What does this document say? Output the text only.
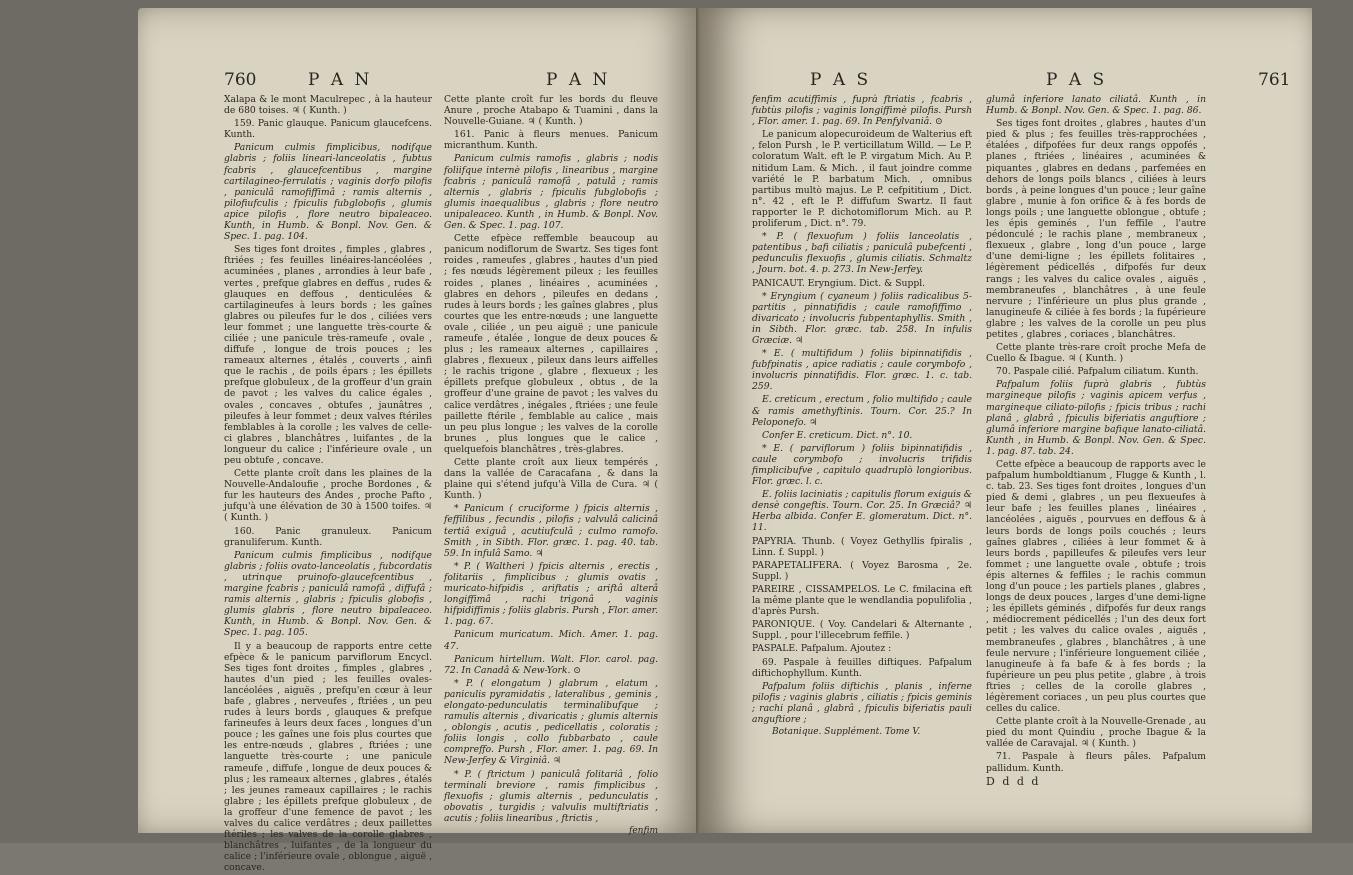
760	P A N	P A N

Xalapa & le mont Maculrepec , à la hauteur de 680 toises. ♃ ( Kunth. )

159. Panic glauque. Panicum glaucefcens. Kunth.

Panicum culmis fimplicibus, nodifque glabris ; foliis lineari-lanceolatis , fubtus fcabris , glaucefcentibus , margine cartilagineo-ferrulatis ; vaginis dorfo pilofis , paniculâ ramofiffimâ ; ramis alternis , pilofiufculis ; fpiculis fubglobofis , glumis apice pilofis , flore neutro bipaleaceo. Kunth, in Humb. & Bonpl. Nov. Gen. & Spec. 1. pag. 104.

Ses tiges font droites , fimples , glabres , ftriées ; fes feuilles linéaires-lancéolées , acuminées , planes , arrondies à leur bafe , vertes , prefque glabres en deffus , rudes & glauques en deffous , denticulées & cartilagineufes à leurs bords ; les gaînes glabres ou pileufes fur le dos , ciliées vers leur fommet ; une languette très-courte & ciliée ; une panicule très-rameufe , ovale , diffufe , longue de trois pouces ; les rameaux alternes , étalés , couverts , ainfi que le rachis , de poils épars ; les épillets prefque globuleux , de la groffeur d'un grain de pavot ; les valves du calice égales , ovales , concaves , obtufes , jaunâtres , pileufes à leur fommet ; deux valves ftériles femblables à la corolle ; les valves de celle-ci glabres , blanchâtres , luifantes , de la longueur du calice ; l'inférieure ovale , un peu obtufe , concave.

Cette plante croît dans les plaines de la Nouvelle-Andaloufie , proche Bordones , & fur les hauteurs des Andes , proche Pafto , jufqu'à une élévation de 30 à 1500 toifes. ♃ ( Kunth. )

160. Panic granuleux. Panicum granuliferum. Kunth.

Panicum culmis fimplicibus , nodifque glabris ; foliis ovato-lanceolatis , fubcordatis , utrinque pruinofo-glaucefcentibus , margine fcabris ; paniculâ ramofâ , diffufâ ; ramis alternis , glabris ; fpiculis globofis , glumis glabris , flore neutro bipaleaceo. Kunth, in Humb. & Bonpl. Nov. Gen. & Spec. 1. pag. 105.

Il y a beaucoup de rapports entre cette efpèce & le panicum parviflorum Encycl. Ses tiges font droites , fimples , glabres , hautes d'un pied ; les feuilles ovales-lancéolées , aiguës , prefqu'en cœur à leur bafe , glabres , nerveufes , ftriées , un peu rudes à leurs bords , glauques & prefque farineufes à leurs deux faces , longues d'un pouce ; les gaînes une fois plus courtes que les entre-nœuds , glabres , ftriées ; une languette très-courte ; une panicule rameufe , diffufe , longue de deux pouces & plus ; les rameaux alternes , glabres , étalés ; les jeunes rameaux capillaires ; le rachis glabre ; les épillets prefque globuleux , de la groffeur d'une femence de pavot ; les valves du calice verdâtres ; deux paillettes ftériles ; les valves de la corolle glabres , blanchâtres , luifantes , de la longueur du calice ; l'inférieure ovale , oblongue , aiguë , concave.

Cette plante croît fur les bords du fleuve Anure , proche Atabapo & Tuamini , dans la Nouvelle-Guiane. ♃ ( Kunth. )

161. Panic à fleurs menues. Panicum micranthum. Kunth.

Panicum culmis ramofis , glabris ; nodis foliifque internè pilofis , linearibus , margine fcabris ; paniculâ ramofâ , patulâ ; ramis alternis , glabris ; fpiculis fubglobofis ; glumis inaequalibus , glabris ; flore neutro unipaleaceo. Kunth , in Humb. & Bonpl. Nov. Gen. & Spec. 1. pag. 107.

Cette efpèce reffemble beaucoup au panicum nodiflorum de Swartz. Ses tiges font roides , rameufes , glabres , hautes d'un pied ; fes nœuds légèrement pileux ; les feuilles roides , planes , linéaires , acuminées , glabres en dehors , pileufes en dedans , rudes à leurs bords ; les gaînes glabres , plus courtes que les entre-nœuds ; une languette ovale , ciliée , un peu aiguë ; une panicule rameufe , étalée , longue de deux pouces & plus ; les rameaux alternes , capillaires , glabres , flexueux , pileux dans leurs aiffelles ; le rachis trigone , glabre , flexueux ; les épillets prefque globuleux , obtus , de la groffeur d'une graine de pavot ; les valves du calice verdâtres , inégales , ftriées ; une feule paillette ftérile , femblable au calice , mais un peu plus longue ; les valves de la corolle brunes , plus longues que le calice , quelquefois blanchâtres , très-glabres.

Cette plante croît aux lieux tempérés , dans la vallée de Caracafana , & dans la plaine qui s'étend jufqu'à Villa de Cura. ♃ ( Kunth. )

* Panicum ( cruciforme ) fpicis alternis , feffilibus , fecundis , pilofis ; valvulâ calicinâ tertiâ exiguâ , acutiufculâ ; culmo ramofo. Smith , in Sibth. Flor. græc. 1. pag. 40. tab. 59. In infulâ Samo. ♃

* P. ( Waltheri ) fpicis alternis , erectis , folitariis , fimplicibus ; glumis ovatis , muricato-hifpidis , ariftatis ; ariftâ alterâ longiffimâ , rachi trigonâ , vaginis hifpidiffimis ; foliis glabris. Pursh , Flor. amer. 1. pag. 67.

Panicum muricatum. Mich. Amer. 1. pag. 47.

Panicum hirtellum. Walt. Flor. carol. pag. 72. In Canadâ & New-York. ⊙

* P. ( elongatum ) glabrum , elatum , paniculis pyramidatis , lateralibus , geminis , elongato-pedunculatis terminalibufque ; ramulis alternis , divaricatis ; glumis alternis , oblongis , acutis , pedicellatis , coloratis ; foliis longis , collo fubbarbato , caule compreffo. Pursh , Flor. amer. 1. pag. 69. In New-Jerfey & Virginiâ. ♃

* P. ( ftrictum ) paniculâ folitariâ , folio terminali breviore , ramis fimplicibus , flexuofis ; glumis alternis , pedunculatis , obovatis , turgidis ; valvulis multiftriatis , acutis ; foliis linearibus , ftrictis ,

fenfim
P A S	P A S	761

fenfim acutiffimis , fuprà ftriatis , fcabris , fubtùs pilofis ; vaginis longiffimè pilofis. Pursh , Flor. amer. 1. pag. 69. In Penfylvaniâ. ⊙

Le panicum alopecuroideum de Walterius eft , felon Pursh , le P. verticillatum Willd. — Le P. coloratum Walt. eft le P. virgatum Mich. Au P. nitidum Lam. & Mich. , il faut joindre comme variété le P. barbatum Mich. , omnibus partibus multò majus. Le P. cefpititium , Dict. n°. 42 , eft le P. diffufum Swartz. Il faut rapporter le P. dichotomiflorum Mich. au P. proliferum , Dict. n°. 79.

* P. ( flexuofum ) foliis lanceolatis , patentibus , bafi ciliatis ; paniculâ pubefcenti , pedunculis flexuofis , glumis ciliatis. Schmaltz , Journ. bot. 4. p. 273. In New-Jerfey.

PANICAUT. Eryngium. Dict. & Suppl.

* Eryngium ( cyaneum ) foliis radicalibus 5-partitis , pinnatifidis ; caule ramofiffimo , divaricato ; involucris fubpentaphyllis. Smith , in Sibth. Flor. græc. tab. 258. In infulis Græciæ. ♃

* E. ( multifidum ) foliis bipinnatifidis , fubfpinatis , apice radiatis ; caule corymbofo , involucris pinnatifidis. Flor. græc. 1. c. tab. 259.

E. creticum , erectum , folio multifido ; caule & ramis amethyftinis. Tourn. Cor. 25.? In Peloponefo. ♃

Confer E. creticum. Dict. n°. 10.

* E. ( parviflorum ) foliis bipinnatifidis , caule corymbofo ; involucris trifidis fimplicibufve , capitulo quadruplò longioribus. Flor. græc. l. c.

E. foliis laciniatis ; capitulis florum exiguis & densè congeftis. Tourn. Cor. 25. In Græciâ? ♃ Herba albida. Confer E. glomeratum. Dict. n°. 11.

PAPYRIA. Thunb. ( Voyez Gethyllis fpiralis , Linn. f. Suppl. )

PARAPETALIFERA. ( Voyez Barosma , 2e. Suppl. )

PAREIRE , CISSAMPELOS. Le C. fmilacina eft la même plante que le wendlandia populifolia , d'après Pursh.

PARONIQUE. ( Voy. Candelari & Alternante , Suppl. , pour l'illecebrum feffile. )

PASPALE. Pafpalum. Ajoutez :

69. Paspale à feuilles diftiques. Pafpalum diftichophyllum. Kunth.

Pafpalum foliis diftichis , planis , inferne pilofis ; vaginis glabris , ciliatis ; fpicis geminis ; rachi planâ , glabrâ , fpiculis biferiatis pauli anguftiore ;

Botanique. Supplément. Tome V.

glumâ inferiore lanato ciliatâ. Kunth , in Humb. & Bonpl. Nov. Gen. & Spec. 1. pag. 86.

Ses tiges font droites , glabres , hautes d'un pied & plus ; fes feuilles très-rapprochées , étalées , difpofées fur deux rangs oppofés , planes , ftriées , linéaires , acuminées & piquantes , glabres en dedans , parfemées en dehors de longs poils blancs , ciliées à leurs bords , à peine longues d'un pouce ; leur gaîne glabre , munie à fon orifice & à fes bords de longs poils ; une languette oblongue , obtufe ; les épis geminés , l'un feffile , l'autre pédonculé ; le rachis plane , membraneux , flexueux , glabre , long d'un pouce , large d'une demi-ligne ; les épillets folitaires , légèrement pédicellés , difpofés fur deux rangs ; les valves du calice ovales , aiguës , membraneufes , blanchâtres , à une feule nervure ; l'inférieure un plus plus grande , lanugineufe & ciliée à fes bords ; la fupérieure glabre ; les valves de la corolle un peu plus petites , glabres , coriaces , blanchâtres.

Cette plante très-rare croît proche Mefa de Cuello & Ibague. ♃ ( Kunth. )

70. Paspale cilié. Pafpalum ciliatum. Kunth.

Pafpalum foliis fuprà glabris , fubtùs margineque pilofis ; vaginis apicem verfus , margineque ciliato-pilofis ; fpicis tribus ; rachi planâ , glabrâ , fpiculis biferiatis anguftiore ; glumâ inferiore margine bafique lanato-ciliatâ. Kunth , in Humb. & Bonpl. Nov. Gen. & Spec. 1. pag. 87. tab. 24.

Cette efpèce a beaucoup de rapports avec le pafpalum humboldtianum , Flugge & Kunth , l. c. tab. 23. Ses tiges font droites , longues d'un pied & demi , glabres , un peu flexueufes à leur bafe ; les feuilles planes , linéaires , lancéolées , aiguës , pourvues en deffous & à leurs bords de longs poils couchés ; leurs gaînes glabres , ciliées à leur fommet & à leurs bords , papilleufes & pileufes vers leur fommet ; une languette ovale , obtufe ; trois épis alternes & feffiles ; le rachis commun long d'un pouce ; les partiels planes , glabres , longs de deux pouces , larges d'une demi-ligne ; les épillets géminés , difpofés fur deux rangs , médiocrement pédicellés ; l'un des deux fort petit ; les valves du calice ovales , aiguës , membraneufes , glabres , blanchâtres , à une feule nervure ; l'inférieure longuement ciliée , lanugineufe à fa bafe & à fes bords ; la fupérieure un peu plus petite , glabre , à trois ftries ; celles de la corolle glabres , légèrement coriaces , un peu plus courtes que celles du calice.

Cette plante croît à la Nouvelle-Grenade , au pied du mont Quindiu , proche Ibague & la vallée de Caravajal. ♃ ( Kunth. )

71. Paspale à fleurs pâles. Pafpalum pallidum. Kunth.

D d d d
